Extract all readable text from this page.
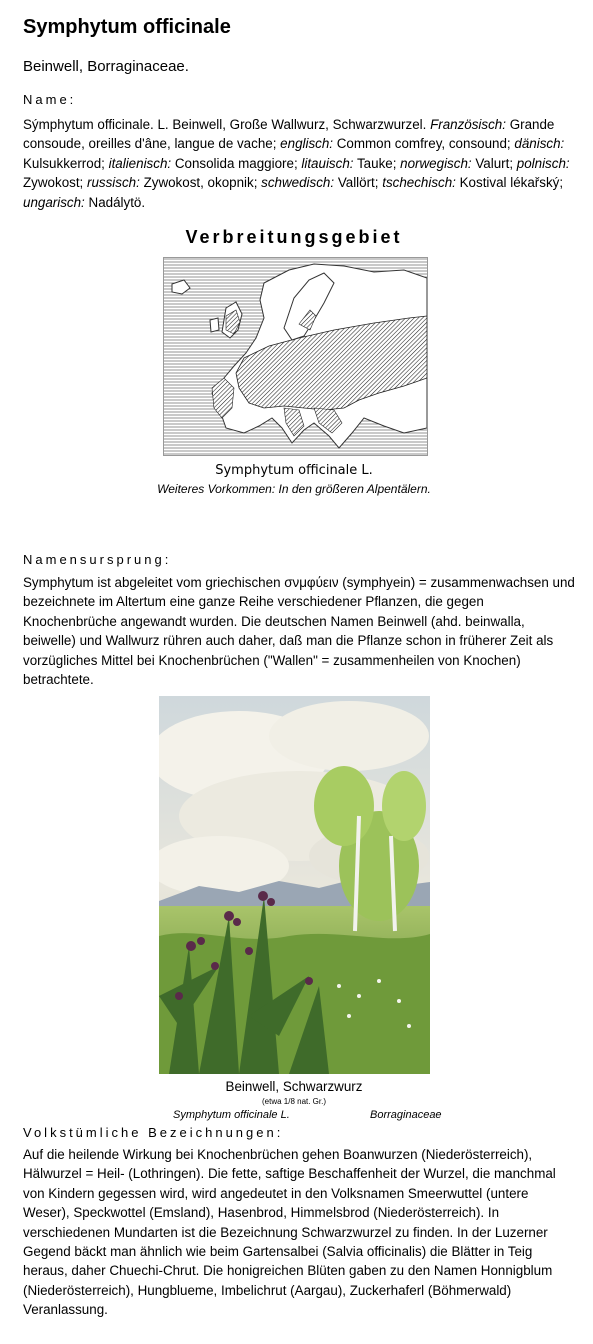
Symphytum officinale

Beinwell, Borraginaceae.

Name:

Sýmphytum officinale. L. Beinwell, Große Wallwurz, Schwarzwurzel. Französisch: Grande consoude, oreilles d'âne, langue de vache; englisch: Common comfrey, consound; dänisch: Kulsukkerrod; italienisch: Consolida maggiore; litauisch: Tauke; norwegisch: Valurt; polnisch: Zywokost; russisch: Zywokost, okopnik; schwedisch: Vallört; tschechisch: Kostival lékařský; ungarisch: Nadálytö.

Verbreitungsgebiet

Symphytum officinale L.

Weiteres Vorkommen: In den größeren Alpentälern.

Namensursprung:

Symphytum ist abgeleitet vom griechischen σνμφύειν (symphyein) = zusammenwachsen und bezeichnete im Altertum eine ganze Reihe verschiedener Pflanzen, die gegen Knochenbrüche angewandt wurden. Die deutschen Namen Beinwell (ahd. beinwalla, beiwelle) und Wallwurz rühren auch daher, daß man die Pflanze schon in früherer Zeit als vorzügliches Mittel bei Knochenbrüchen ("Wallen" = zusammenheilen von Knochen) betrachtete.

Beinwell, Schwarzwurz

(etwa 1/8 nat. Gr.)

Symphytum officinale L.	Borraginaceae

Volkstümliche Bezeichnungen:

Auf die heilende Wirkung bei Knochenbrüchen gehen Boanwurzen (Niederösterreich), Hälwurzel = Heil- (Lothringen). Die fette, saftige Beschaffenheit der Wurzel, die manchmal von Kindern gegessen wird, wird angedeutet in den Volksnamen Smeerwuttel (untere Weser), Speckwottel (Emsland), Hasenbrod, Himmelsbrod (Niederösterreich). In verschiedenen Mundarten ist die Bezeichnung Schwarzwurzel zu finden. In der Luzerner Gegend bäckt man ähnlich wie beim Gartensalbei (Salvia officinalis) die Blätter in Teig heraus, daher Chuechi-Chrut. Die honigreichen Blüten gaben zu den Namen Honnigblum (Niederösterreich), Hungblueme, Imbelichrut (Aargau), Zuckerhaferl (Böhmerwald) Veranlassung.
